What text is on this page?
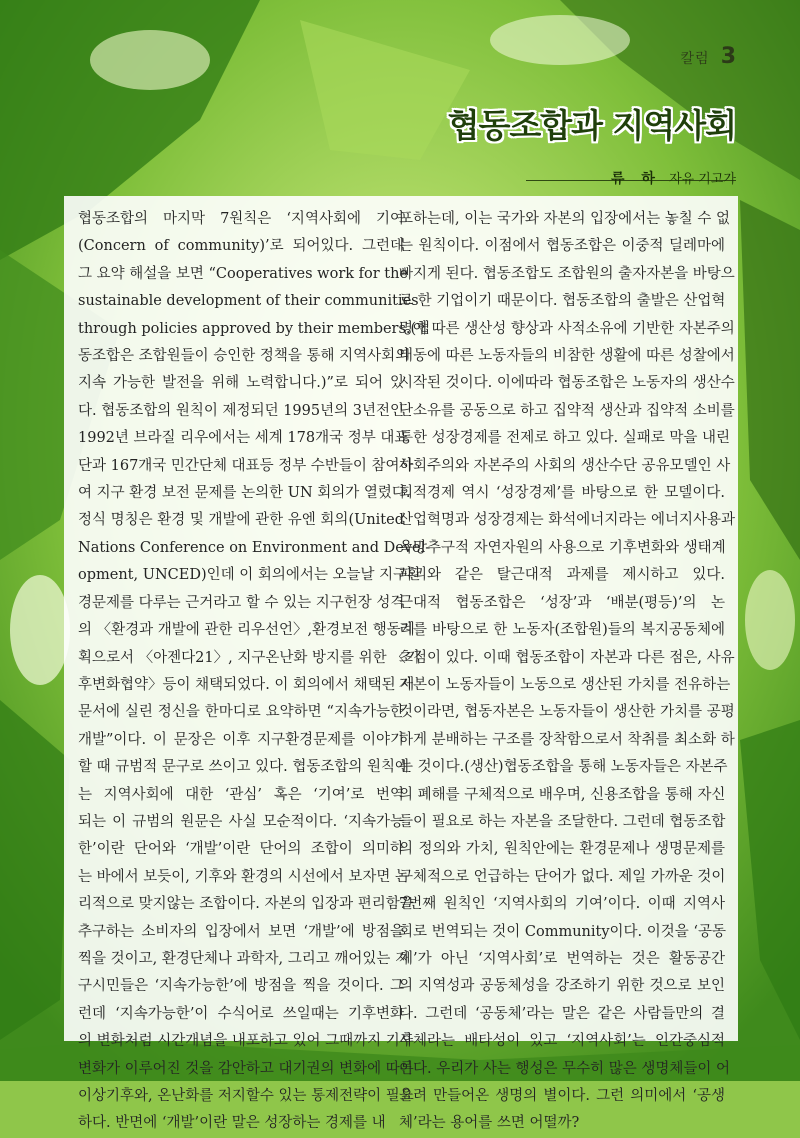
칼럼 3
협동조합과 지역사회
류 하 자유 기고가
협동조합의 마지막 7원칙은 ‘지역사회에 기여
(Concern of community)’로 되어있다. 그런데
그 요약 해설을 보면 “Cooperatives work for the
sustainable development of their communities
through policies approved by their members.(협
동조합은 조합원들이 승인한 정책을 통해 지역사회의
지속 가능한 발전을 위해 노력합니다.)”로 되어 있
다. 협동조합의 원칙이 제정되던 1995년의 3년전인
1992년 브라질 리우에서는 세계 178개국 정부 대표
단과 167개국 민간단체 대표등 정부 수반들이 참여하
여 지구 환경 보전 문제를 논의한 UN 회의가 열렸다.
정식 명칭은 환경 및 개발에 관한 유엔 회의(United
Nations Conference on Environment and Devel-
opment, UNCED)인데 이 회의에서는 오늘날 지구환
경문제를 다루는 근거라고 할 수 있는 지구헌장 성격
의 〈환경과 개발에 관한 리우선언〉,환경보전 행동계
획으로서 〈아젠다21〉, 지구온난화 방지를 위한 〈기
후변화협약〉등이 채택되었다. 이 회의에서 채택된 제
문서에 실린 정신을 한마디로 요약하면 “지속가능한
개발”이다. 이 문장은 이후 지구환경문제를 이야기
할 때 규범적 문구로 쓰이고 있다. 협동조합의 원칙에
는 지역사회에 대한 ‘관심’ 혹은 ‘기여’로 번역
되는 이 규범의 원문은 사실 모순적이다. ‘지속가능
한’이란 단어와 ‘개발’이란 단어의 조합이 의미하
는 바에서 보듯이, 기후와 환경의 시선에서 보자면 논
리적으로 맞지않는 조합이다. 자본의 입장과 편리함을
추구하는 소비자의 입장에서 보면 ‘개발’에 방점을
찍을 것이고, 환경단체나 과학자, 그리고 깨어있는 지
구시민들은 ‘지속가능한’에 방점을 찍을 것이다. 그
런데 ‘지속가능한’이 수식어로 쓰일때는 기후변화
의 변화처럼 시간개념을 내포하고 있어 그때까지 기후
변화가 이루어진 것을 감안하고 대기권의 변화에 따른
이상기후와, 온난화를 저지할수 있는 통제전략이 필요
하다. 반면에 ‘개발’이란 말은 성장하는 경제를 내
포하는데, 이는 국가와 자본의 입장에서는 놓칠 수 없
는 원칙이다. 이점에서 협동조합은 이중적 딜레마에
빠지게 된다. 협동조합도 조합원의 출자자본을 바탕으
로 한 기업이기 때문이다. 협동조합의 출발은 산업혁
명에 따른 생산성 향상과 사적소유에 기반한 자본주의
태동에 따른 노동자들의 비참한 생활에 따른 성찰에서
시작된 것이다. 이에따라 협동조합은 노동자의 생산수
단소유를 공동으로 하고 집약적 생산과 집약적 소비를
통한 성장경제를 전제로 하고 있다. 실패로 막을 내린
사회주의와 자본주의 사회의 생산수단 공유모델인 사
회적경제 역시 ‘성장경제’를 바탕으로 한 모델이다.
산업혁명과 성장경제는 화석에너지라는 에너지사용과
욕망추구적 자연자원의 사용으로 기후변화와 생태계
파괴와 같은 탈근대적 과제를 제시하고 있다.
근대적 협동조합은 ‘성장’과 ‘배분(평등)’의 논
리를 바탕으로 한 노동자(조합원)들의 복지공동체에
초점이 있다. 이때 협동조합이 자본과 다른 점은, 사유
자본이 노동자들이 노동으로 생산된 가치를 전유하는
것이라면, 협동자본은 노동자들이 생산한 가치를 공평
하게 분배하는 구조를 장착함으로서 착취를 최소화 하
는 것이다.(생산)협동조합을 통해 노동자들은 자본주
의 폐해를 구체적으로 배우며, 신용조합을 통해 자신
들이 필요로 하는 자본을 조달한다. 그런데 협동조합
의 정의와 가치, 원칙안에는 환경문제나 생명문제를
구체적으로 언급하는 단어가 없다. 제일 가까운 것이
7번째 원칙인 ‘지역사회의 기여’이다. 이때 지역사
회로 번역되는 것이 Community이다. 이것을 ‘공동
체’가 아닌 ‘지역사회’로 번역하는 것은 활동공간
의 지역성과 공동체성을 강조하기 위한 것으로 보인
다. 그런데 ‘공동체’라는 말은 같은 사람들만의 결
사체라는 배타성이 있고 ‘지역사회’는 인간중심적
이다. 우리가 사는 행성은 무수히 많은 생명체들이 어
울려 만들어온 생명의 별이다. 그런 의미에서 ‘공생
체’라는 용어를 쓰면 어떨까?
